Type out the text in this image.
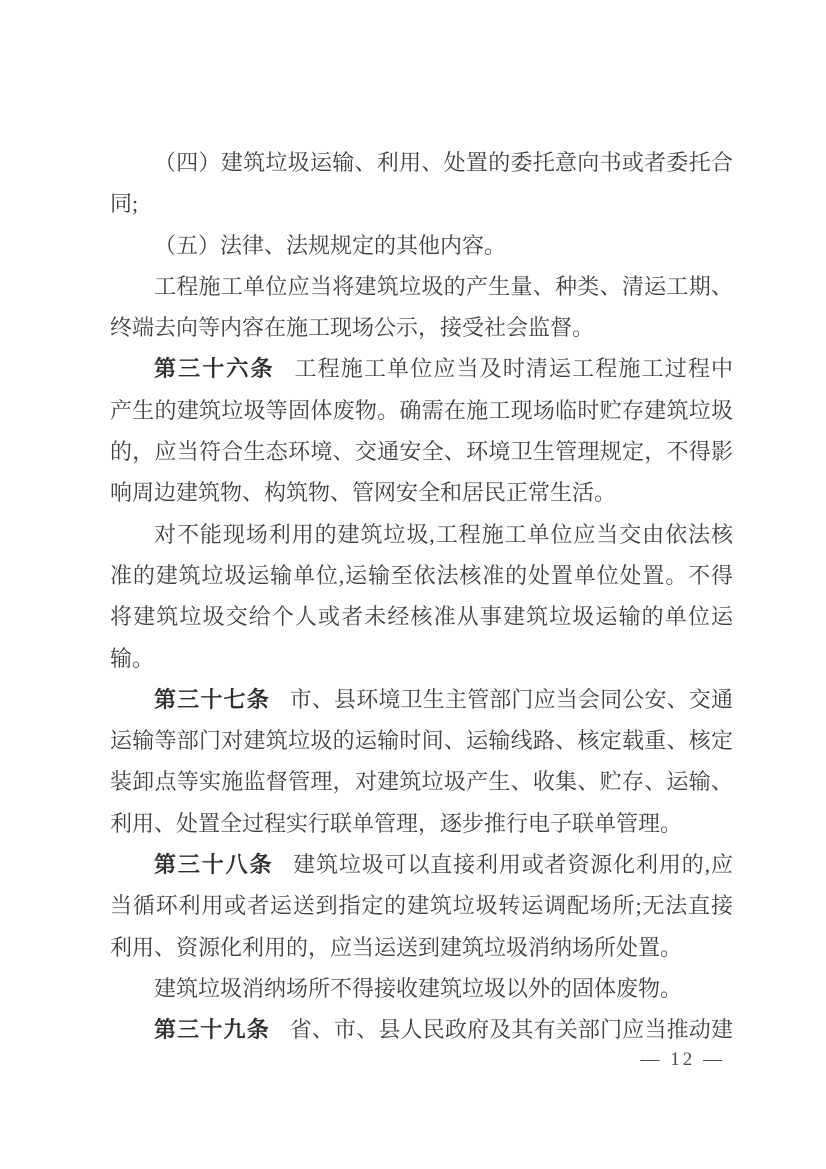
（四）建筑垃圾运输、利用、处置的委托意向书或者委托合
同;
（五）法律、法规规定的其他内容。
工程施工单位应当将建筑垃圾的产生量、种类、清运工期、
终端去向等内容在施工现场公示，接受社会监督。
第三十六条 工程施工单位应当及时清运工程施工过程中
产生的建筑垃圾等固体废物。确需在施工现场临时贮存建筑垃圾
的，应当符合生态环境、交通安全、环境卫生管理规定，不得影
响周边建筑物、构筑物、管网安全和居民正常生活。
对不能现场利用的建筑垃圾,工程施工单位应当交由依法核
准的建筑垃圾运输单位,运输至依法核准的处置单位处置。不得
将建筑垃圾交给个人或者未经核准从事建筑垃圾运输的单位运
输。
第三十七条 市、县环境卫生主管部门应当会同公安、交通
运输等部门对建筑垃圾的运输时间、运输线路、核定载重、核定
装卸点等实施监督管理，对建筑垃圾产生、收集、贮存、运输、
利用、处置全过程实行联单管理，逐步推行电子联单管理。
第三十八条 建筑垃圾可以直接利用或者资源化利用的,应
当循环利用或者运送到指定的建筑垃圾转运调配场所;无法直接
利用、资源化利用的，应当运送到建筑垃圾消纳场所处置。
建筑垃圾消纳场所不得接收建筑垃圾以外的固体废物。
第三十九条 省、市、县人民政府及其有关部门应当推动建
— 12 —
